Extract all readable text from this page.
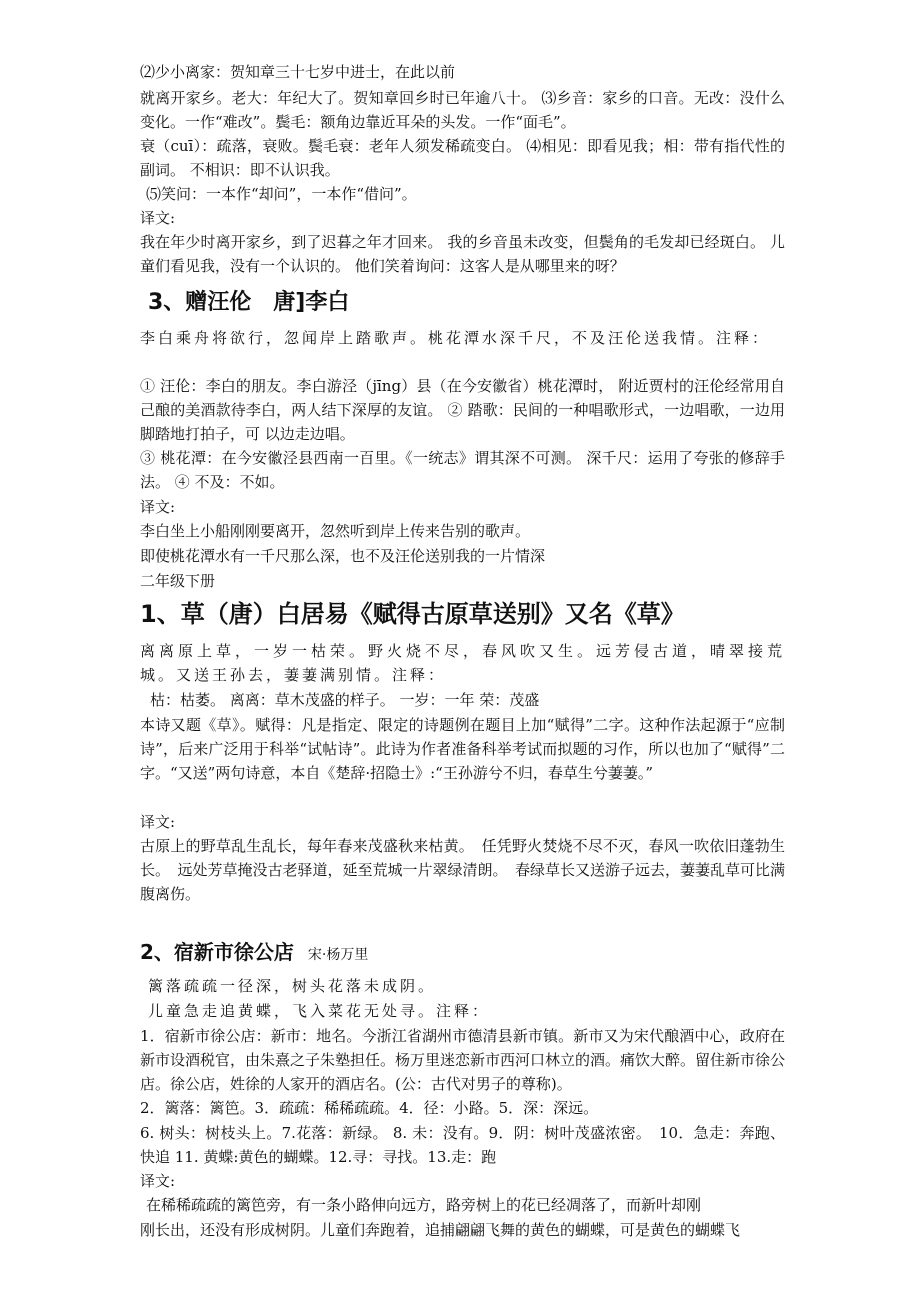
⑵少小离家：贺知章三十七岁中进士，在此以前

就离开家乡。老大：年纪大了。贺知章回乡时已年逾八十。 ⑶乡音：家乡的口音。无改：没什么变化。一作“难改”。鬓毛：额角边靠近耳朵的头发。一作“面毛”。

衰（cuī）：疏落，衰败。鬓毛衰：老年人须发稀疏变白。 ⑷相见：即看见我；相：带有指代性的副词。 不相识：即不认识我。

⑸笑问：一本作“却问”，一本作“借问”。

译文:

我在年少时离开家乡，到了迟暮之年才回来。 我的乡音虽未改变，但鬓角的毛发却已经斑白。 儿童们看见我，没有一个认识的。 他们笑着询问：这客人是从哪里来的呀？

3、赠汪伦　唐]李白

李白乘舟将欲行，忽闻岸上踏歌声。桃花潭水深千尺，不及汪伦送我情。注释：

① 汪伦：李白的朋友。李白游泾（jīng）县（在今安徽省）桃花潭时， 附近贾村的汪伦经常用自己酿的美酒款待李白，两人结下深厚的友谊。 ② 踏歌：民间的一种唱歌形式，一边唱歌，一边用脚踏地打拍子，可 以边走边唱。

③ 桃花潭：在今安徽泾县西南一百里。《一统志》谓其深不可测。 深千尺：运用了夸张的修辞手法。 ④ 不及：不如。

译文:

李白坐上小船刚刚要离开，忽然听到岸上传来告别的歌声。

即使桃花潭水有一千尺那么深，也不及汪伦送别我的一片情深

二年级下册

1、草（唐）白居易《赋得古原草送别》又名《草》

离离原上草，一岁一枯荣。野火烧不尽，春风吹又生。远芳侵古道，晴翠接荒城。又送王孙去，萋萋满别情。注释：

枯：枯萎。 离离：草木茂盛的样子。 一岁：一年 荣：茂盛

本诗又题《草》。赋得：凡是指定、限定的诗题例在题目上加“赋得”二字。这种作法起源于“应制诗”，后来广泛用于科举“试帖诗”。此诗为作者准备科举考试而拟题的习作，所以也加了“赋得”二字。“又送”两句诗意，本自《楚辞·招隐士》:“王孙游兮不归，春草生兮萋萋。”

译文:

古原上的野草乱生乱长，每年春来茂盛秋来枯黄。　任凭野火焚烧不尽不灭，春风一吹依旧蓬勃生长。　远处芳草掩没古老驿道，延至荒城一片翠绿清朗。　春绿草长又送游子远去，萋萋乱草可比满腹离伤。

2、宿新市徐公店 宋·杨万里

篱落疏疏一径深，树头花落未成阴。

儿童急走追黄蝶，飞入菜花无处寻。注释：

1．宿新市徐公店：新市：地名。今浙江省湖州市德清县新市镇。新市又为宋代酿酒中心，政府在新市设酒税官，由朱熹之子朱塾担任。杨万里迷恋新市西河口林立的酒。痛饮大醉。留住新市徐公店。徐公店，姓徐的人家开的酒店名。(公：古代对男子的尊称)。

2．篱落：篱笆。3．疏疏：稀稀疏疏。4．径：小路。5．深：深远。

6. 树头：树枝头上。7.花落：新绿。 8. 未：没有。9．阴：树叶茂盛浓密。　10．急走：奔跑、快追 11. 黄蝶:黄色的蝴蝶。12.寻：寻找。13.走：跑

译文:

在稀稀疏疏的篱笆旁，有一条小路伸向远方，路旁树上的花已经凋落了，而新叶却刚

刚长出，还没有形成树阴。儿童们奔跑着，追捕翩翩飞舞的黄色的蝴蝶，可是黄色的蝴蝶飞
